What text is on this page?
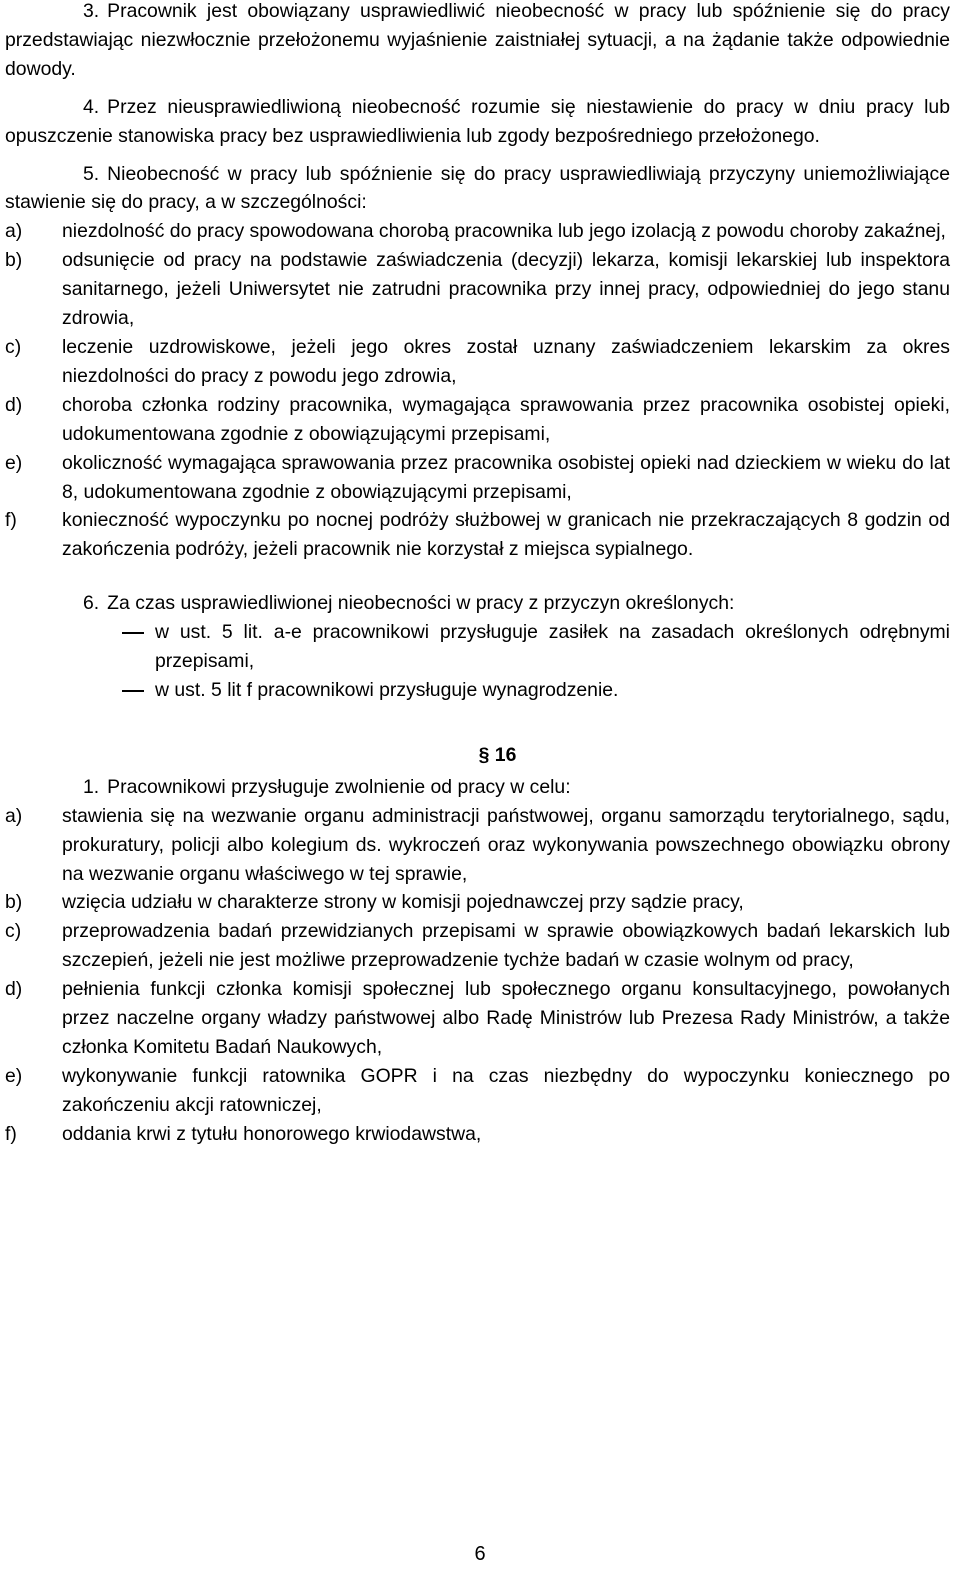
3. Pracownik jest obowiązany usprawiedliwić nieobecność w pracy lub spóźnienie się do pracy przedstawiając niezwłocznie przełożonemu wyjaśnienie zaistniałej sytuacji, a na żądanie także odpowiednie dowody.

4. Przez nieusprawiedliwioną nieobecność rozumie się niestawienie do pracy w dniu pracy lub opuszczenie stanowiska pracy bez usprawiedliwienia lub zgody bezpośredniego przełożonego.

5. Nieobecność w pracy lub spóźnienie się do pracy usprawiedliwiają przyczyny uniemożliwiające stawienie się do pracy, a w szczególności:

a) niezdolność do pracy spowodowana chorobą pracownika lub jego izolacją z powodu choroby zakaźnej,
b) odsunięcie od pracy na podstawie zaświadczenia (decyzji) lekarza, komisji lekarskiej lub inspektora sanitarnego, jeżeli Uniwersytet nie zatrudni pracownika przy innej pracy, odpowiedniej do jego stanu zdrowia,
c) leczenie uzdrowiskowe, jeżeli jego okres został uznany zaświadczeniem lekarskim za okres niezdolności do pracy z powodu jego zdrowia,
d) choroba członka rodziny pracownika, wymagająca sprawowania przez pracownika osobistej opieki, udokumentowana zgodnie z obowiązującymi przepisami,
e) okoliczność wymagająca sprawowania przez pracownika osobistej opieki nad dzieckiem w wieku do lat 8, udokumentowana zgodnie z obowiązującymi przepisami,
f) konieczność wypoczynku po nocnej podróży służbowej w granicach nie przekraczających 8 godzin od zakończenia podróży, jeżeli pracownik nie korzystał z miejsca sypialnego.

6. Za czas usprawiedliwionej nieobecności w pracy z przyczyn określonych:

w ust. 5 lit. a-e pracownikowi przysługuje zasiłek na zasadach określonych odrębnymi przepisami,
w ust. 5 lit f pracownikowi przysługuje wynagrodzenie.

§ 16

1. Pracownikowi przysługuje zwolnienie od pracy w celu:

a) stawienia się na wezwanie organu administracji państwowej, organu samorządu terytorialnego, sądu, prokuratury, policji albo kolegium ds. wykroczeń oraz wykonywania powszechnego obowiązku obrony na wezwanie organu właściwego w tej sprawie,
b) wzięcia udziału w charakterze strony w komisji pojednawczej przy sądzie pracy,
c) przeprowadzenia badań przewidzianych przepisami w sprawie obowiązkowych badań lekarskich lub szczepień, jeżeli nie jest możliwe przeprowadzenie tychże badań w czasie wolnym od pracy,
d) pełnienia funkcji członka komisji społecznej lub społecznego organu konsultacyjnego, powołanych przez naczelne organy władzy państwowej albo Radę Ministrów lub Prezesa Rady Ministrów, a także członka Komitetu Badań Naukowych,
e) wykonywanie funkcji ratownika GOPR i na czas niezbędny do wypoczynku koniecznego po zakończeniu akcji ratowniczej,
f) oddania krwi z tytułu honorowego krwiodawstwa,
6
